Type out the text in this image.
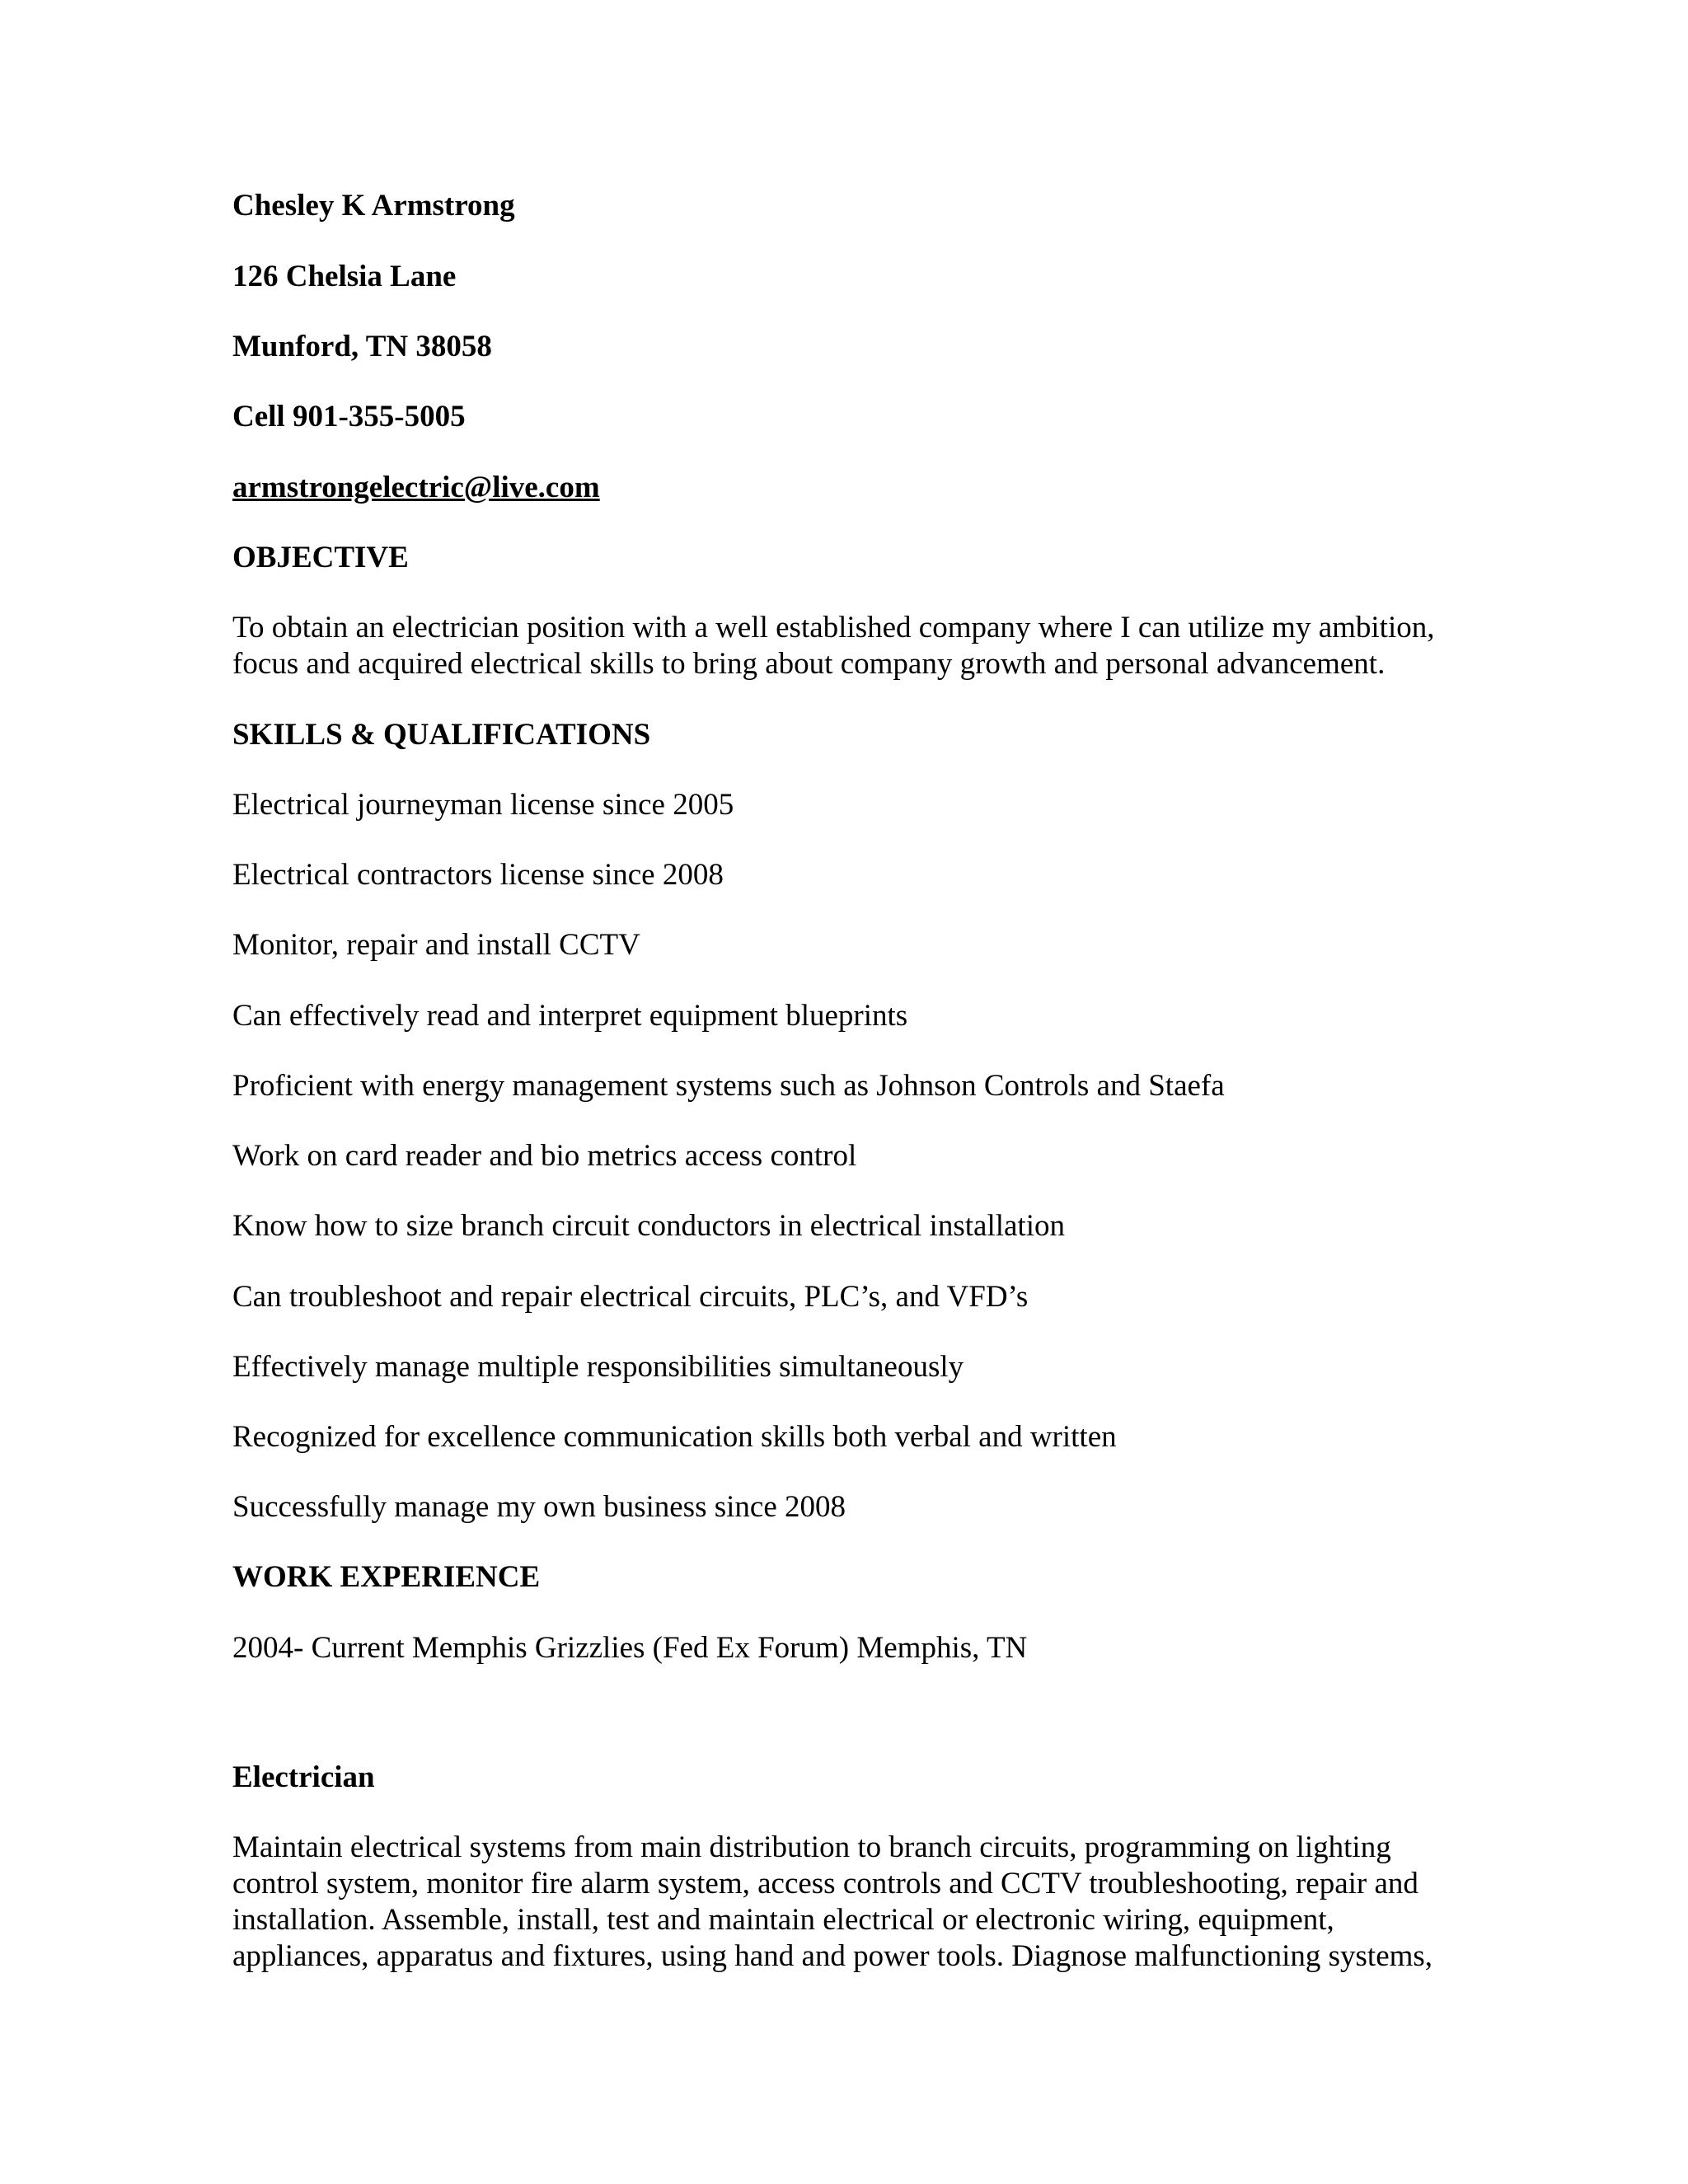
Chesley K Armstrong
126 Chelsia Lane
Munford, TN 38058
Cell 901-355-5005
armstrongelectric@live.com
OBJECTIVE
To obtain an electrician position with a well established company where I can utilize my ambition,
focus and acquired electrical skills to bring about company growth and personal advancement.
SKILLS & QUALIFICATIONS
Electrical journeyman license since 2005
Electrical contractors license since 2008
Monitor, repair and install CCTV
Can effectively read and interpret equipment blueprints
Proficient with energy management systems such as Johnson Controls and Staefa
Work on card reader and bio metrics access control
Know how to size branch circuit conductors in electrical installation
Can troubleshoot and repair electrical circuits, PLC’s, and VFD’s
Effectively manage multiple responsibilities simultaneously
Recognized for excellence communication skills both verbal and written
Successfully manage my own business since 2008
WORK EXPERIENCE
2004- Current Memphis Grizzlies (Fed Ex Forum) Memphis, TN
Electrician
Maintain electrical systems from main distribution to branch circuits, programming on lighting
control system, monitor fire alarm system, access controls and CCTV troubleshooting, repair and
installation. Assemble, install, test and maintain electrical or electronic wiring, equipment,
appliances, apparatus and fixtures, using hand and power tools. Diagnose malfunctioning systems,
